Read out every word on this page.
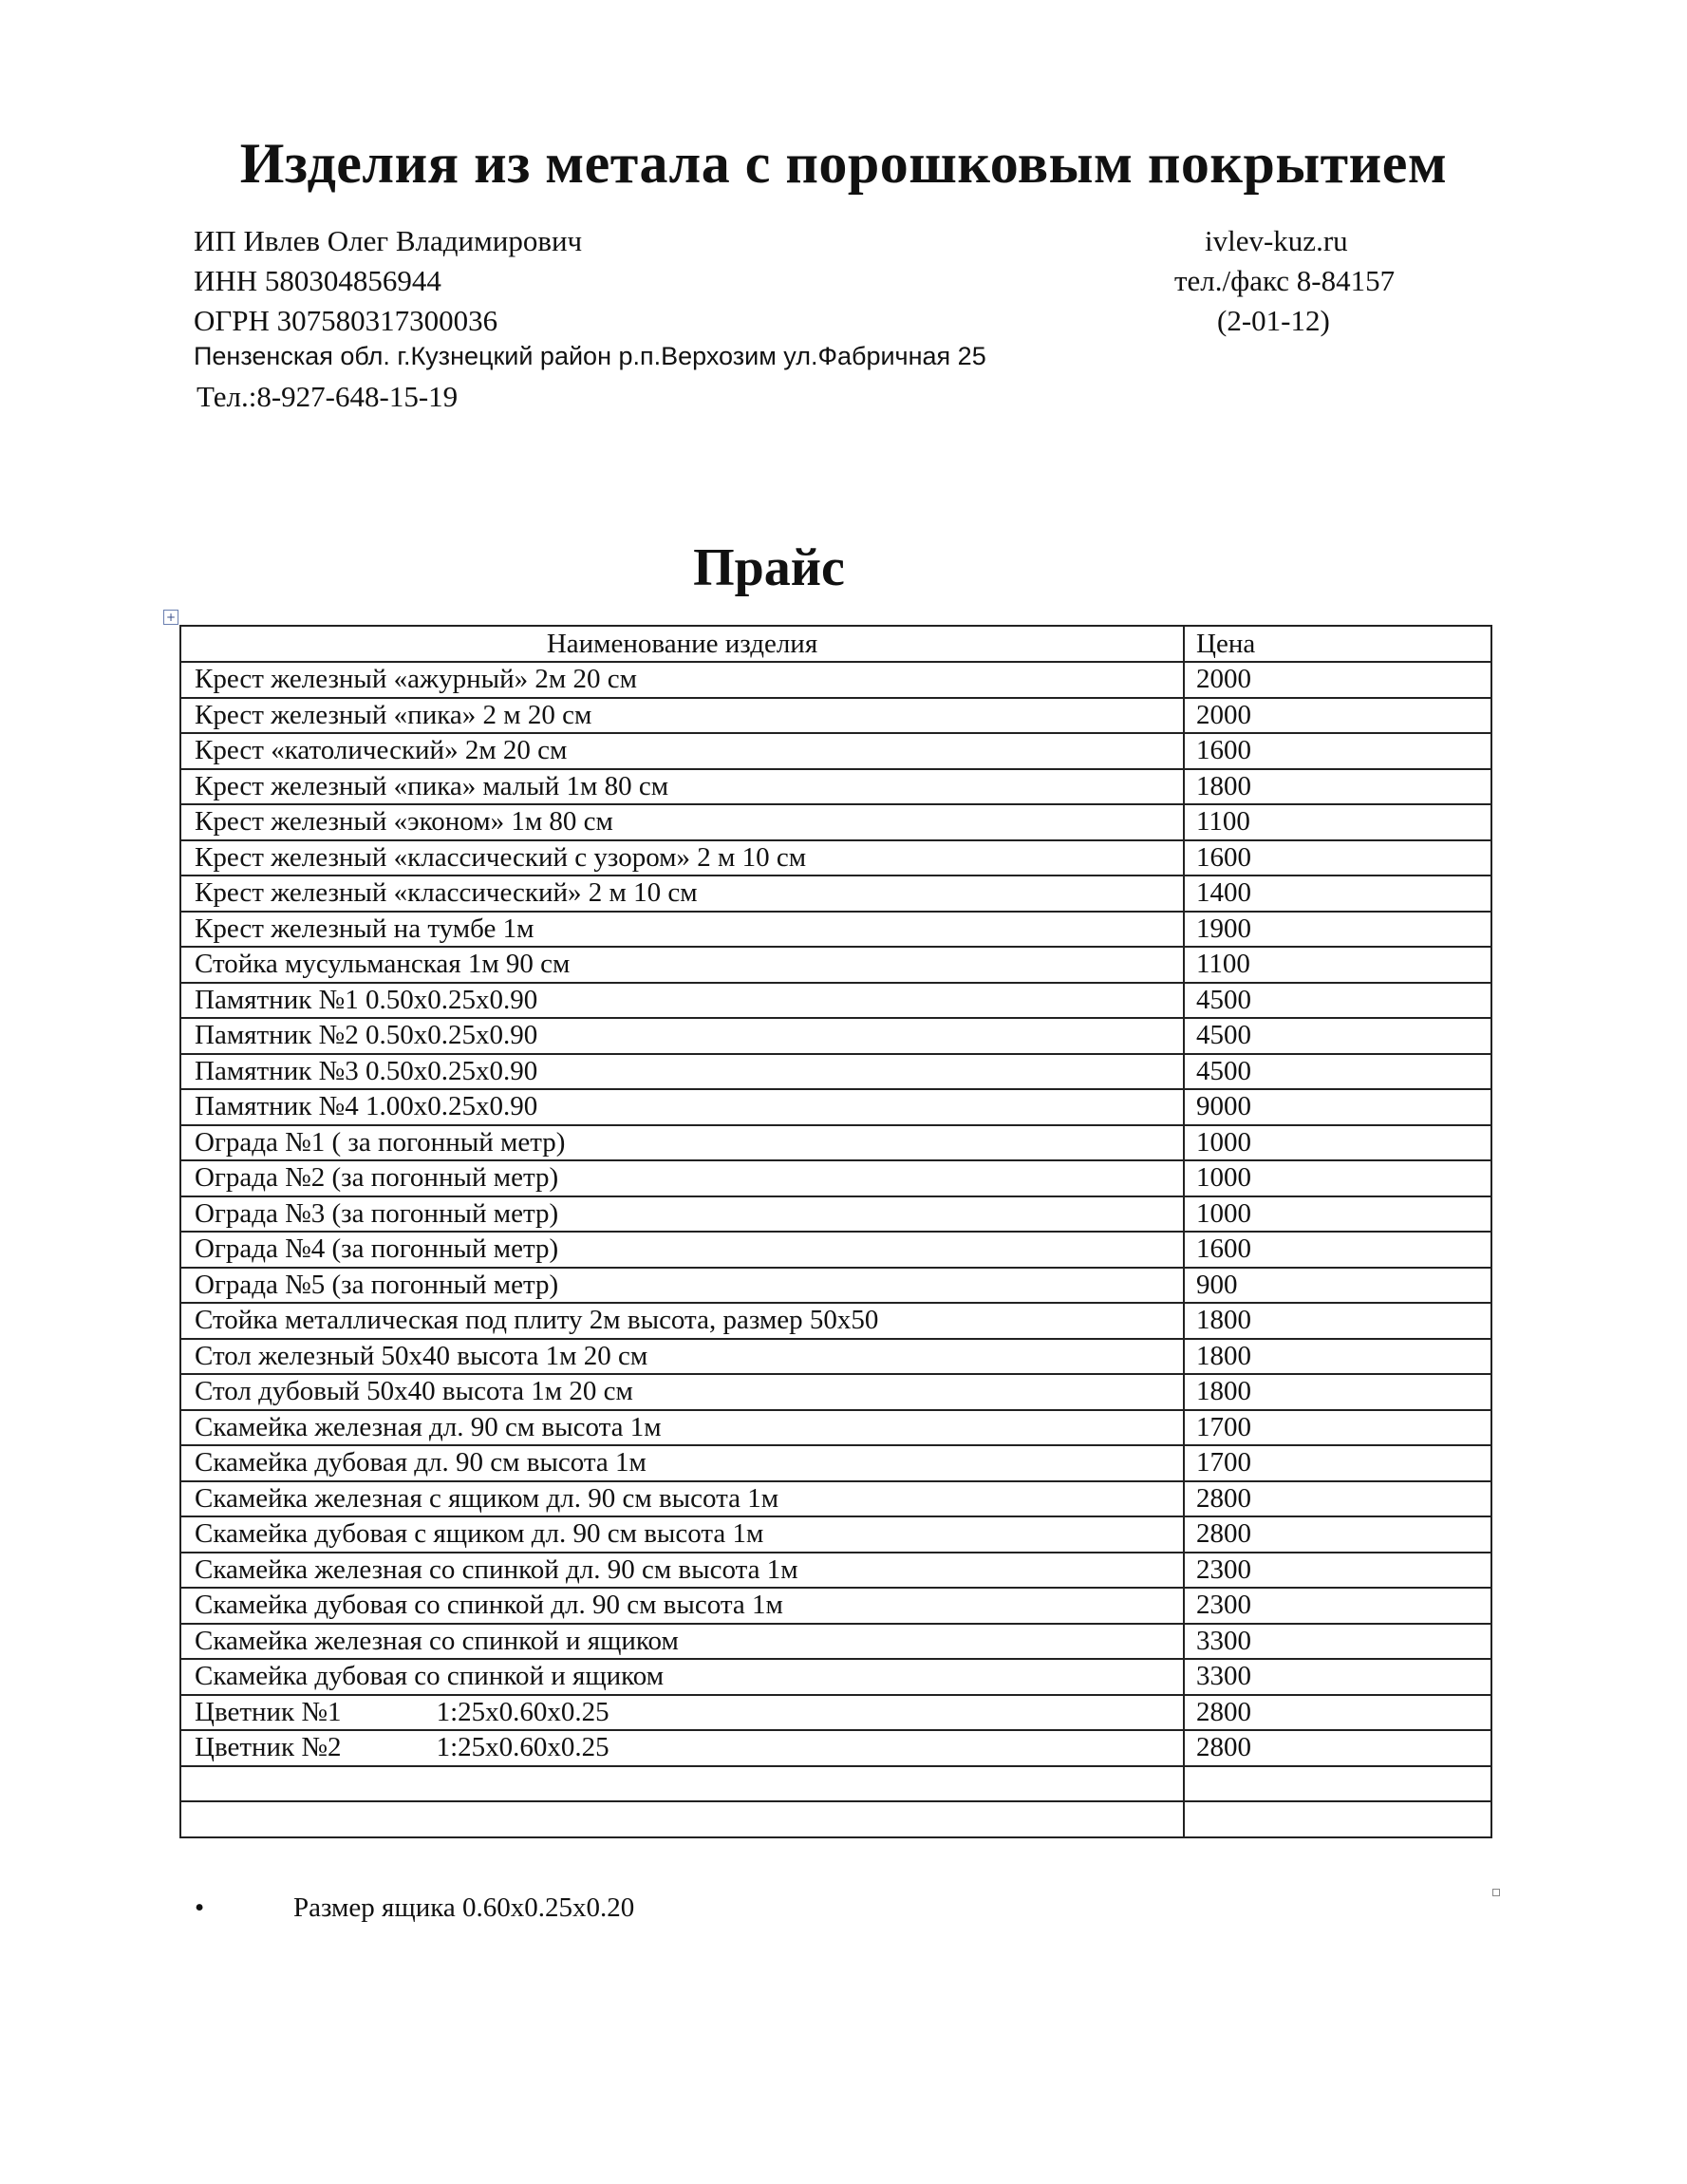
Изделия из метала с порошковым покрытием
ИП Ивлев Олег Владимирович
ИНН 580304856944
ОГРН 307580317300036
Пензенская обл. г.Кузнецкий район р.п.Верхозим ул.Фабричная 25
Тел.:8-927-648-15-19
ivlev-kuz.ru
тел./факс 8-84157
(2-01-12)
Прайс
+
Наименование изделия	Цена
Крест железный «ажурный» 2м 20 см	2000
Крест железный «пика» 2 м 20 см	2000
Крест «католический» 2м 20 см	1600
Крест железный «пика» малый 1м 80 см	1800
Крест железный «эконом» 1м 80 см	1100
Крест железный «классический с узором» 2 м 10 см	1600
Крест железный «классический» 2 м 10 см	1400
Крест железный на тумбе 1м	1900
Стойка мусульманская 1м 90 см	1100
Памятник №1 0.50х0.25х0.90	4500
Памятник №2 0.50х0.25х0.90	4500
Памятник №3 0.50х0.25х0.90	4500
Памятник №4 1.00х0.25х0.90	9000
Ограда №1 ( за погонный метр)	1000
Ограда №2 (за погонный метр)	1000
Ограда №3 (за погонный метр)	1000
Ограда №4 (за погонный метр)	1600
Ограда №5 (за погонный метр)	900
Стойка металлическая под плиту 2м высота, размер 50х50	1800
Стол железный 50х40 высота 1м 20 см	1800
Стол дубовый 50х40 высота 1м 20 см	1800
Скамейка железная дл. 90 см высота 1м	1700
Скамейка дубовая дл. 90 см высота 1м	1700
Скамейка железная с ящиком дл. 90 см высота 1м	2800
Скамейка дубовая с ящиком дл. 90 см высота 1м	2800
Скамейка железная со спинкой дл. 90 см высота 1м	2300
Скамейка дубовая со спинкой дл. 90 см высота 1м	2300
Скамейка железная со спинкой и ящиком	3300
Скамейка дубовая со спинкой и ящиком	3300
Цветник №1 1:25х0.60х0.25	2800
Цветник №2 1:25х0.60х0.25	2800

•	Размер ящика 0.60х0.25х0.20
